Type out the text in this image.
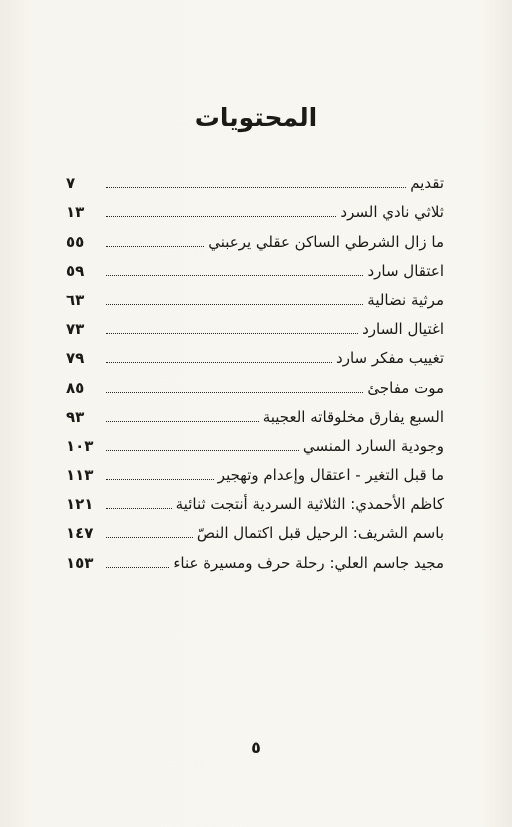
المحتويات
تقديم
٧
ثلاثي نادي السرد
١٣
ما زال الشرطي الساكن عقلي يرعبني
٥٥
اعتقال سارد
٥٩
مرثية نضالية
٦٣
اغتيال السارد
٧٣
تغييب مفكر سارد
٧٩
موت مفاجئ
٨٥
السبع يفارق مخلوقاته العجيبة
٩٣
وجودية السارد المنسي
١٠٣
ما قبل التغير - اعتقال وإعدام وتهجير
١١٣
كاظم الأحمدي: الثلاثية السردية أنتجت ثنائية
١٢١
باسم الشريف: الرحيل قبل اكتمال النصّ
١٤٧
مجيد جاسم العلي: رحلة حرف ومسيرة عناء
١٥٣
٥
